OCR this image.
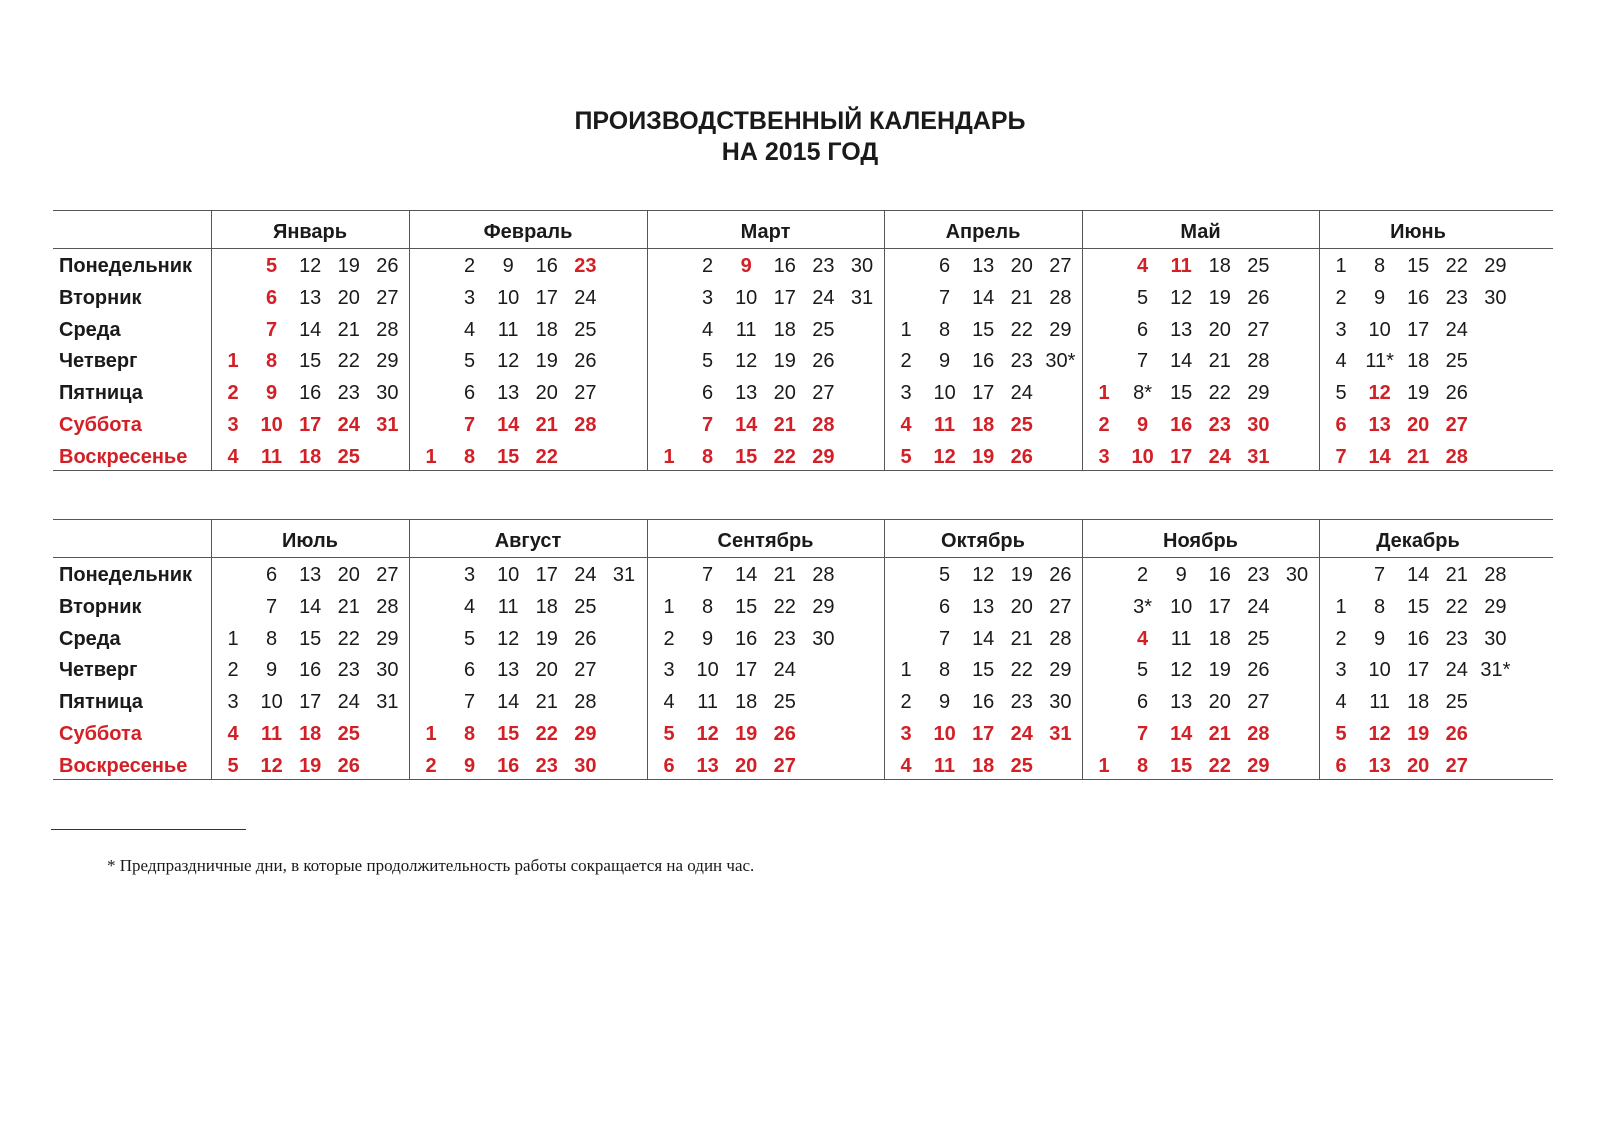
ПРОИЗВОДСТВЕННЫЙ КАЛЕНДАРЬ
НА 2015 ГОД
Понедельник
Вторник
Среда
Четверг
Пятница
Суббота
Воскресенье
Январь
1
2
3
4
5
6
7
8
9
10
11
12
13
14
15
16
17
18
19
20
21
22
23
24
25
26
27
28
29
30
31
Февраль
1
2
3
4
5
6
7
8
9
10
11
12
13
14
15
16
17
18
19
20
21
22
23
24
25
26
27
28
Март
1
2
3
4
5
6
7
8
9
10
11
12
13
14
15
16
17
18
19
20
21
22
23
24
25
26
27
28
29
30
31
Апрель
1
2
3
4
5
6
7
8
9
10
11
12
13
14
15
16
17
18
19
20
21
22
23
24
25
26
27
28
29
30*
Май
1
2
3
4
5
6
7
8*
9
10
11
12
13
14
15
16
17
18
19
20
21
22
23
24
25
26
27
28
29
30
31
Июнь
1
2
3
4
5
6
7
8
9
10
11*
12
13
14
15
16
17
18
19
20
21
22
23
24
25
26
27
28
29
30
Понедельник
Вторник
Среда
Четверг
Пятница
Суббота
Воскресенье
Июль
1
2
3
4
5
6
7
8
9
10
11
12
13
14
15
16
17
18
19
20
21
22
23
24
25
26
27
28
29
30
31
Август
1
2
3
4
5
6
7
8
9
10
11
12
13
14
15
16
17
18
19
20
21
22
23
24
25
26
27
28
29
30
31
Сентябрь
1
2
3
4
5
6
7
8
9
10
11
12
13
14
15
16
17
18
19
20
21
22
23
24
25
26
27
28
29
30
Октябрь
1
2
3
4
5
6
7
8
9
10
11
12
13
14
15
16
17
18
19
20
21
22
23
24
25
26
27
28
29
30
31
Ноябрь
1
2
3*
4
5
6
7
8
9
10
11
12
13
14
15
16
17
18
19
20
21
22
23
24
25
26
27
28
29
30
Декабрь
1
2
3
4
5
6
7
8
9
10
11
12
13
14
15
16
17
18
19
20
21
22
23
24
25
26
27
28
29
30
31*
* Предпраздничные дни, в которые продолжительность работы сокращается на один час.
